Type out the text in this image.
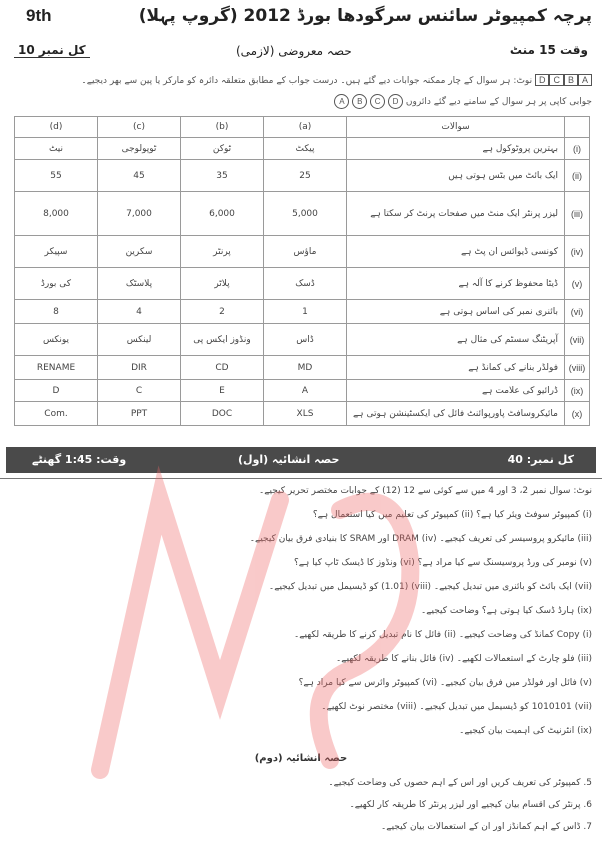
9th	پرچہ کمپیوٹر سائنس سرگودھا بورڈ 2012 (گروپ پہلا)
کل نمبر 10	حصہ معروضی (لازمی)	وقت 15 منٹ
D C B A
نوٹ: ہر سوال کے چار ممکنہ جوابات دیے گئے ہیں۔ درست جواب کے مطابق متعلقہ دائرہ کو مارکر یا پین سے بھر دیجیے۔
جوابی کاپی پر ہر سوال کے سامنے دیے گئے دائروں A B C D
(d)	(c)	(b)	(a)	سوالات	
نیٹ	ٹوپولوجی	ٹوکن	پیکٹ	بہترین پروٹوکول ہے	(i)
55	45	35	25	ایک بائٹ میں بٹس ہوتی ہیں	(ii)
8,000	7,000	6,000	5,000	لیزر پرنٹر ایک منٹ میں صفحات پرنٹ کر سکتا ہے	(iii)
سپیکر	سکرین	پرنٹر	ماؤس	کونسی ڈیوائس ان پٹ ہے	(iv)
کی بورڈ	پلاسٹک	پلاٹر	ڈسک	ڈیٹا محفوظ کرنے کا آلہ ہے	(v)
8	4	2	1	بائنری نمبر کی اساس ہوتی ہے	(vi)
یونکس	لینکس	ونڈوز ایکس پی	ڈاس	آپریٹنگ سسٹم کی مثال ہے	(vii)
RENAME	DIR	CD	MD	فولڈر بنانے کی کمانڈ ہے	(viii)
D	C	E	A	ڈرائیو کی علامت ہے	(ix)
Com.	PPT	DOC	XLS	مائیکروسافٹ پاورپوائنٹ فائل کی ایکسٹینشن ہوتی ہے	(x)
وقت: 1:45 گھنٹے	حصہ انشائیہ (اول)	کل نمبر: 40
نوٹ: سوال نمبر 2، 3 اور 4 میں سے کوئی سے 12 (12) کے جوابات مختصر تحریر کیجیے۔
(i) کمپیوٹر سوفٹ ویئر کیا ہے؟ (ii) کمپیوٹر کی تعلیم میں کیا استعمال ہے؟
(iii) مائیکرو پروسیسر کی تعریف کیجیے۔ (iv) DRAM اور SRAM کا بنیادی فرق بیان کیجیے۔
(v) نومبر کی ورڈ پروسیسنگ سے کیا مراد ہے؟ (vi) ونڈوز کا ڈیسک ٹاپ کیا ہے؟
(vii) ایک بائٹ کو بائنری میں تبدیل کیجیے۔ (viii) (1.01) کو ڈیسیمل میں تبدیل کیجیے۔
(ix) ہارڈ ڈسک کیا ہوتی ہے؟ وضاحت کیجیے۔
(i) Copy کمانڈ کی وضاحت کیجیے۔ (ii) فائل کا نام تبدیل کرنے کا طریقہ لکھیے۔
(iii) فلو چارٹ کے استعمالات لکھیے۔ (iv) فائل بنانے کا طریقہ لکھیے۔
(v) فائل اور فولڈر میں فرق بیان کیجیے۔ (vi) کمپیوٹر وائرس سے کیا مراد ہے؟
(vii) 1010101 کو ڈیسیمل میں تبدیل کیجیے۔ (viii) مختصر نوٹ لکھیے۔
(ix) انٹرنیٹ کی اہمیت بیان کیجیے۔
حصہ انشائیہ (دوم)
5. کمپیوٹر کی تعریف کریں اور اس کے اہم حصوں کی وضاحت کیجیے۔
6. پرنٹر کی اقسام بیان کیجیے اور لیزر پرنٹر کا طریقہ کار لکھیے۔
7. ڈاس کے اہم کمانڈز اور ان کے استعمالات بیان کیجیے۔
